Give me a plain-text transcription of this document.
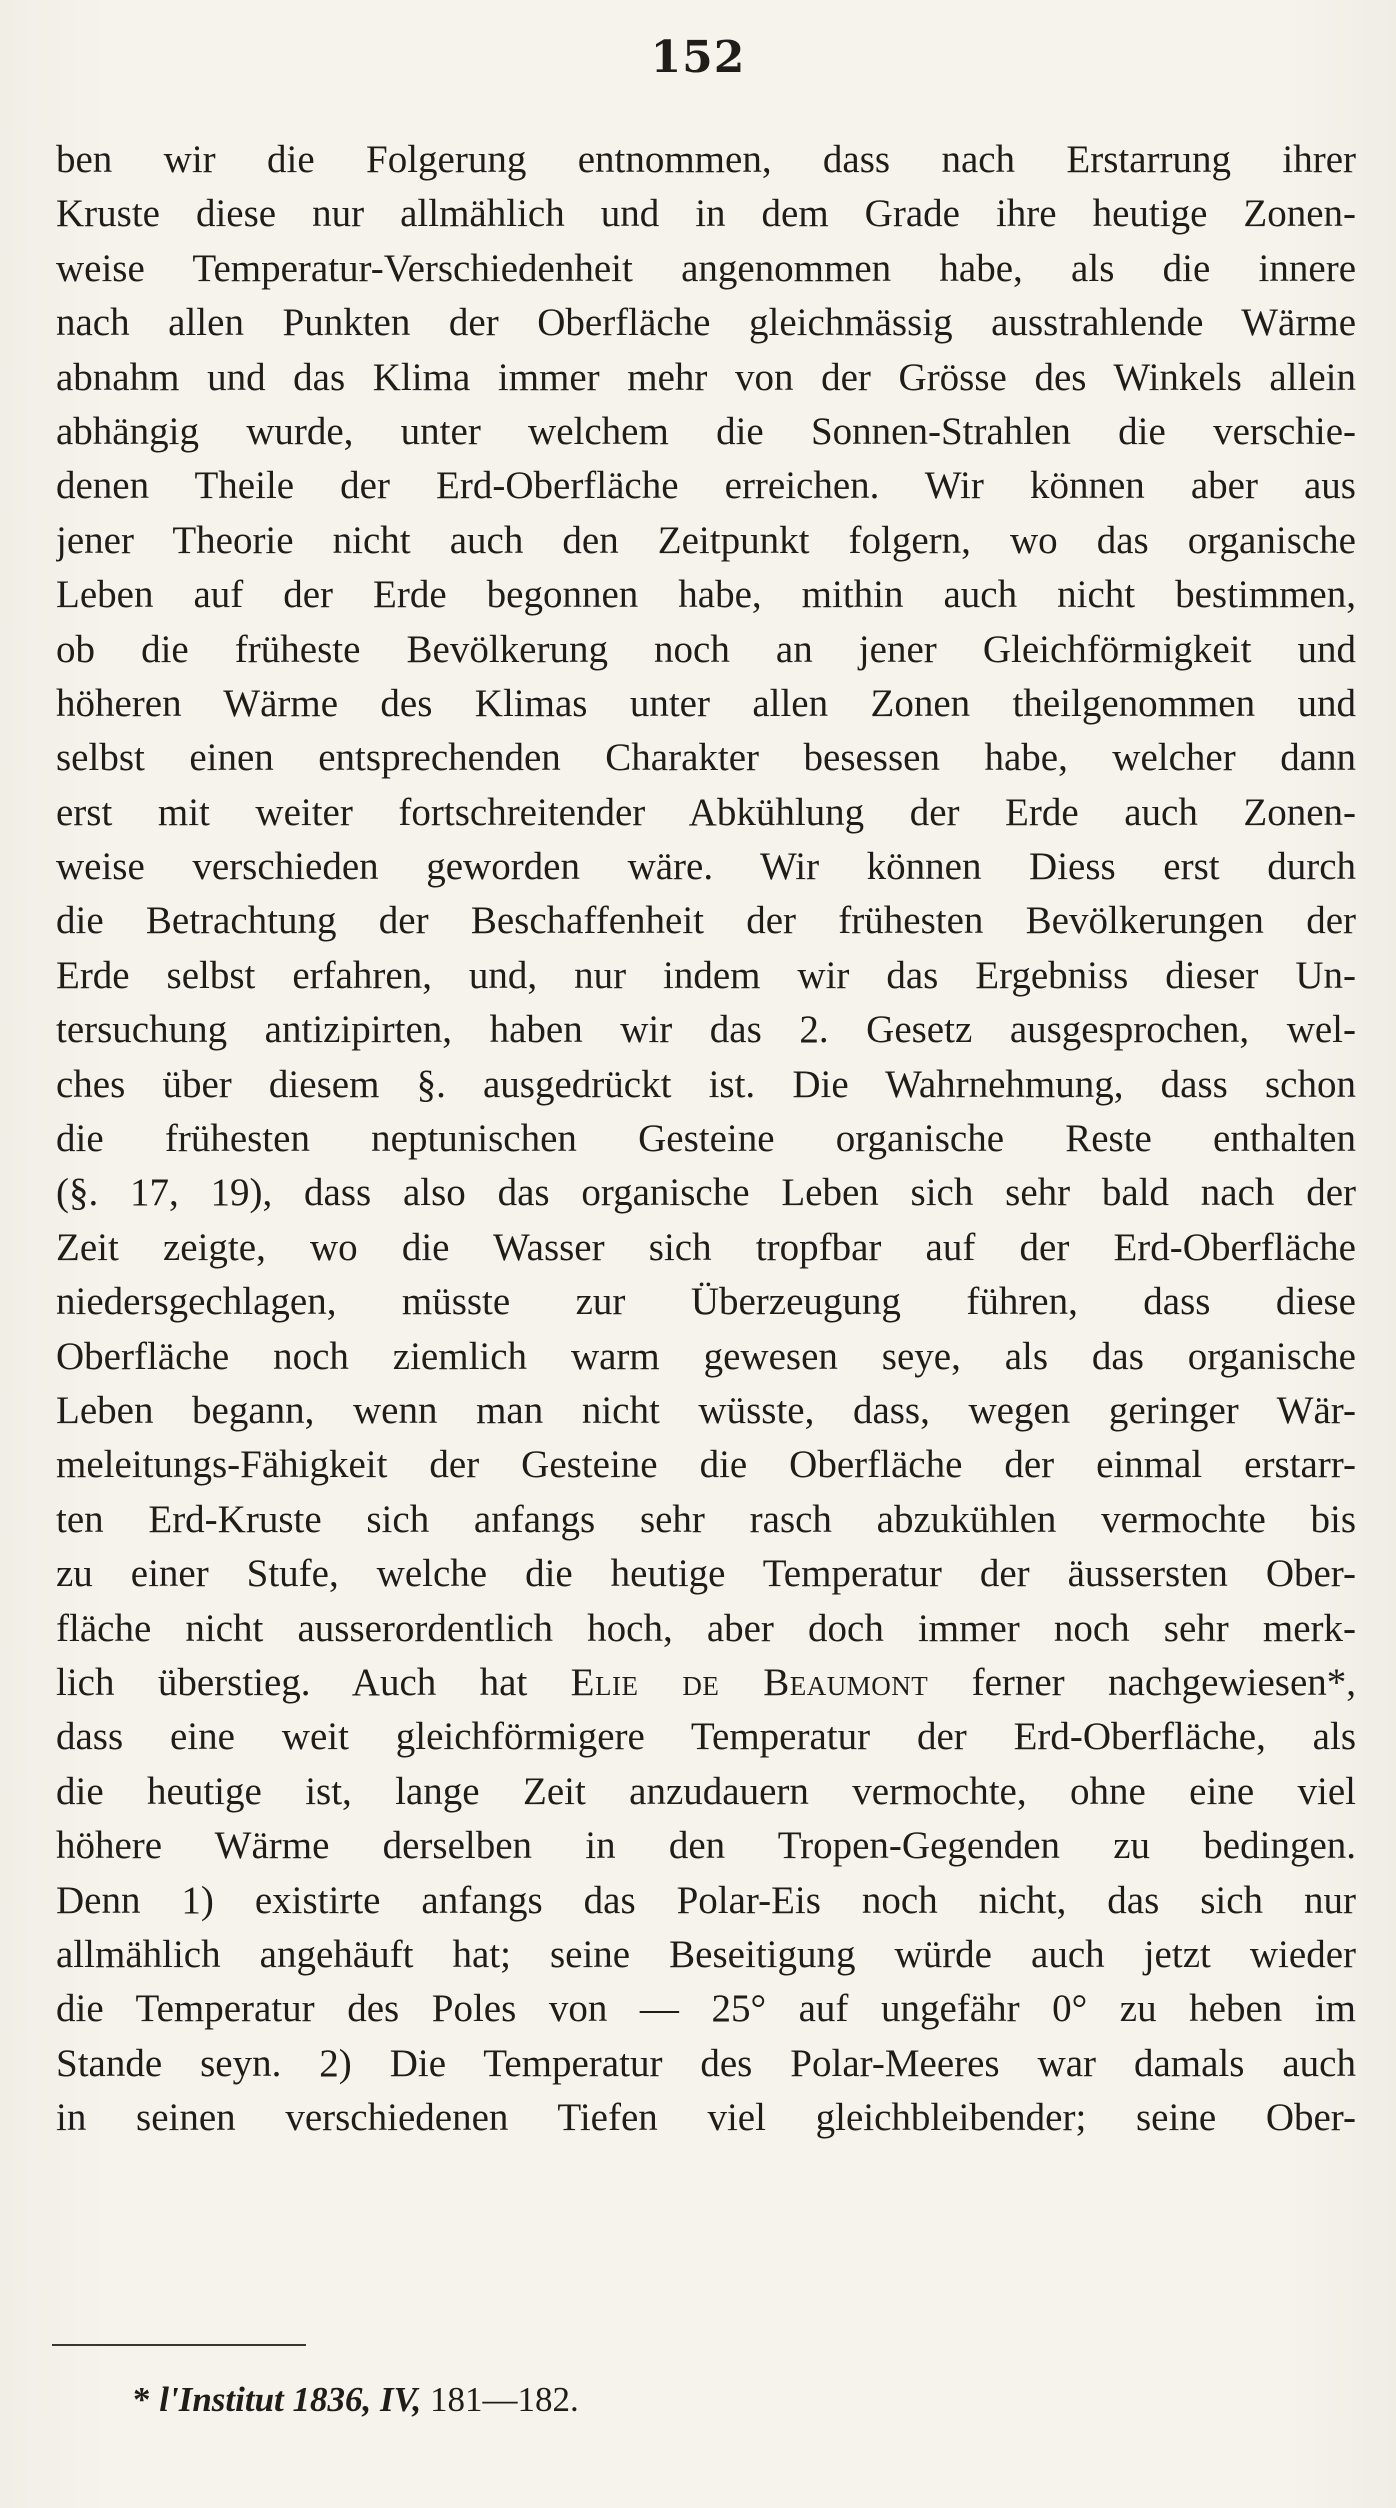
152
ben wir die Folgerung entnommen, dass nach Erstarrung ihrer
Kruste diese nur allmählich und in dem Grade ihre heutige Zonen-
weise Temperatur-Verschiedenheit angenommen habe, als die innere
nach allen Punkten der Oberfläche gleichmässig ausstrahlende Wärme
abnahm und das Klima immer mehr von der Grösse des Winkels allein
abhängig wurde, unter welchem die Sonnen-Strahlen die verschie-
denen Theile der Erd-Oberfläche erreichen. Wir können aber aus
jener Theorie nicht auch den Zeitpunkt folgern, wo das organische
Leben auf der Erde begonnen habe, mithin auch nicht bestimmen,
ob die früheste Bevölkerung noch an jener Gleichförmigkeit und
höheren Wärme des Klimas unter allen Zonen theilgenommen und
selbst einen entsprechenden Charakter besessen habe, welcher dann
erst mit weiter fortschreitender Abkühlung der Erde auch Zonen-
weise verschieden geworden wäre. Wir können Diess erst durch
die Betrachtung der Beschaffenheit der frühesten Bevölkerungen der
Erde selbst erfahren, und, nur indem wir das Ergebniss dieser Un-
tersuchung antizipirten, haben wir das 2. Gesetz ausgesprochen, wel-
ches über diesem §. ausgedrückt ist. Die Wahrnehmung, dass schon
die frühesten neptunischen Gesteine organische Reste enthalten
(§. 17, 19), dass also das organische Leben sich sehr bald nach der
Zeit zeigte, wo die Wasser sich tropfbar auf der Erd-Oberfläche
niedersgechlagen, müsste zur Überzeugung führen, dass diese
Oberfläche noch ziemlich warm gewesen seye, als das organische
Leben begann, wenn man nicht wüsste, dass, wegen geringer Wär-
meleitungs-Fähigkeit der Gesteine die Oberfläche der einmal erstarr-
ten Erd-Kruste sich anfangs sehr rasch abzukühlen vermochte bis
zu einer Stufe, welche die heutige Temperatur der äussersten Ober-
fläche nicht ausserordentlich hoch, aber doch immer noch sehr merk-
lich überstieg. Auch hat Elie de Beaumont ferner nachgewiesen*,
dass eine weit gleichförmigere Temperatur der Erd-Oberfläche, als
die heutige ist, lange Zeit anzudauern vermochte, ohne eine viel
höhere Wärme derselben in den Tropen-Gegenden zu bedingen.
Denn 1) existirte anfangs das Polar-Eis noch nicht, das sich nur
allmählich angehäuft hat; seine Beseitigung würde auch jetzt wieder
die Temperatur des Poles von — 25° auf ungefähr 0° zu heben im
Stande seyn. 2) Die Temperatur des Polar-Meeres war damals auch
in seinen verschiedenen Tiefen viel gleichbleibender; seine Ober-
* l'Institut 1836, IV, 181—182.
